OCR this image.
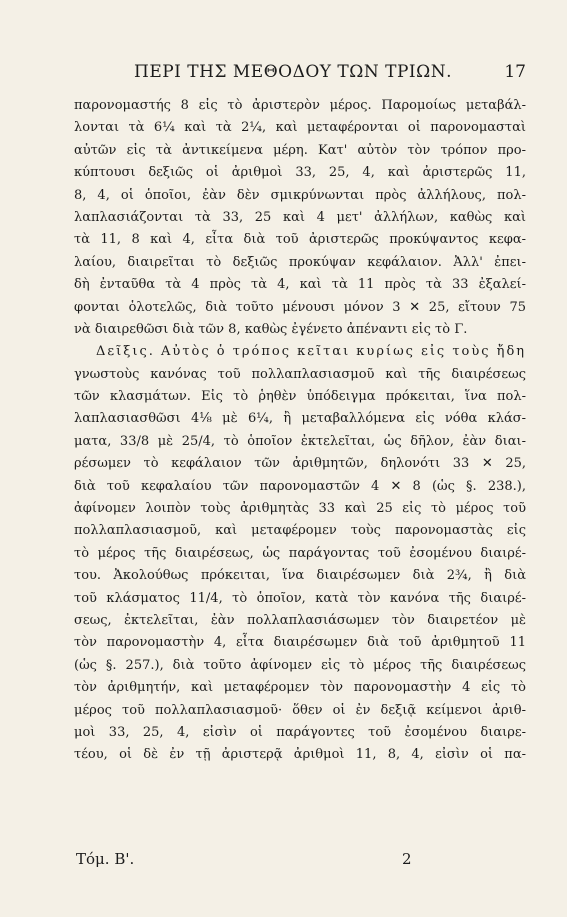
ΠΕΡΙ ΤΗΣ ΜΕΘΟΔΟΥ ΤΩΝ ΤΡΙΩΝ.	17
παρονομαστής 8 εἰς τὸ ἀριστερὸν μέρος. Παρομοίως μεταβάλ-
λονται τὰ 6¼ καὶ τὰ 2¼, καὶ μεταφέρονται οἱ παρονομασταὶ
αὐτῶν εἰς τὰ ἀντικείμενα μέρη. Κατ' αὐτὸν τὸν τρόπον προ-
κύπτουσι δεξιῶς οἱ ἀριθμοὶ 33, 25, 4, καὶ ἀριστερῶς 11,
8, 4, οἱ ὁποῖοι, ἐὰν δὲν σμικρύνωνται πρὸς ἀλλήλους, πολ-
λαπλασιάζονται τὰ 33, 25 καὶ 4 μετ' ἀλλήλων, καθὼς καὶ
τὰ 11, 8 καὶ 4, εἶτα διὰ τοῦ ἀριστερῶς προκύψαντος κεφα-
λαίου, διαιρεῖται τὸ δεξιῶς προκύψαν κεφάλαιον. Ἀλλ' ἐπει-
δὴ ἐνταῦθα τὰ 4 πρὸς τὰ 4, καὶ τὰ 11 πρὸς τὰ 33 ἐξαλεί-
φονται ὁλοτελῶς, διὰ τοῦτο μένουσι μόνον 3 ✕ 25, εἴτουν 75
νὰ διαιρεθῶσι διὰ τῶν 8, καθὼς ἐγένετο ἀπέναντι εἰς τὸ Γ.
Δεῖξις. Αὐτὸς ὁ τρόπος κεῖται κυρίως εἰς τοὺς ἤδη
γνωστοὺς κανόνας τοῦ πολλαπλασιασμοῦ καὶ τῆς διαιρέσεως
τῶν κλασμάτων. Εἰς τὸ ῥηθὲν ὑπόδειγμα πρόκειται, ἵνα πολ-
λαπλασιασθῶσι 4⅛ μὲ 6¼, ἢ μεταβαλλόμενα εἰς νόθα κλάσ-
ματα, 33/8 μὲ 25/4, τὸ ὁποῖον ἐκτελεῖται, ὡς δῆλον, ἐὰν διαι-
ρέσωμεν τὸ κεφάλαιον τῶν ἀριθμητῶν, δηλονότι 33 ✕ 25,
διὰ τοῦ κεφαλαίου τῶν παρονομαστῶν 4 ✕ 8 (ὡς §. 238.),
ἀφίνομεν λοιπὸν τοὺς ἀριθμητὰς 33 καὶ 25 εἰς τὸ μέρος τοῦ
πολλαπλασιασμοῦ, καὶ μεταφέρομεν τοὺς παρονομαστὰς εἰς
τὸ μέρος τῆς διαιρέσεως, ὡς παράγοντας τοῦ ἐσομένου διαιρέ-
του. Ἀκολούθως πρόκειται, ἵνα διαιρέσωμεν διὰ 2¾, ἢ διὰ
τοῦ κλάσματος 11/4, τὸ ὁποῖον, κατὰ τὸν κανόνα τῆς διαιρέ-
σεως, ἐκτελεῖται, ἐὰν πολλαπλασιάσωμεν τὸν διαιρετέον μὲ
τὸν παρονομαστὴν 4, εἶτα διαιρέσωμεν διὰ τοῦ ἀριθμητοῦ 11
(ὡς §. 257.), διὰ τοῦτο ἀφίνομεν εἰς τὸ μέρος τῆς διαιρέσεως
τὸν ἀριθμητήν, καὶ μεταφέρομεν τὸν παρονομαστὴν 4 εἰς τὸ
μέρος τοῦ πολλαπλασιασμοῦ· ὅθεν οἱ ἐν δεξιᾷ κείμενοι ἀριθ-
μοὶ 33, 25, 4, εἰσὶν οἱ παράγοντες τοῦ ἐσομένου διαιρε-
τέου, οἱ δὲ ἐν τῇ ἀριστερᾷ ἀριθμοὶ 11, 8, 4, εἰσὶν οἱ πα-
Τόμ. Β'.	2
